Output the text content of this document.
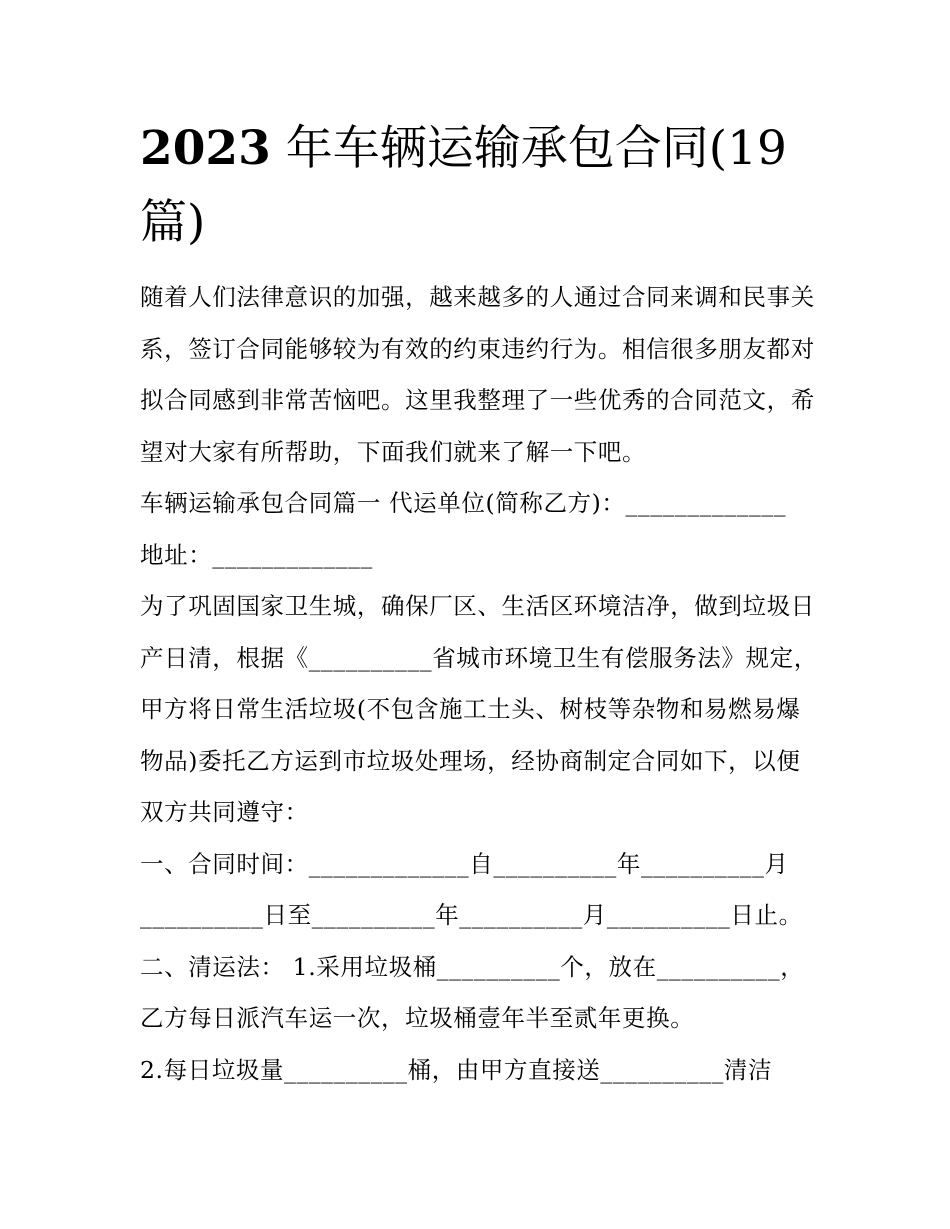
2023 年车辆运输承包合同(19篇)

随着人们法律意识的加强，越来越多的人通过合同来调和民事关系，签订合同能够较为有效的约束违约行为。相信很多朋友都对拟合同感到非常苦恼吧。这里我整理了一些优秀的合同范文，希望对大家有所帮助，下面我们就来了解一下吧。

车辆运输承包合同篇一 代运单位(简称乙方)：_____________

地址：_____________

为了巩固国家卫生城，确保厂区、生活区环境洁净，做到垃圾日产日清，根据《__________省城市环境卫生有偿服务法》规定，甲方将日常生活垃圾(不包含施工土头、树枝等杂物和易燃易爆物品)委托乙方运到市垃圾处理场，经协商制定合同如下，以便双方共同遵守：

一、合同时间：_____________自__________年__________月__________日至__________年__________月__________日止。

二、清运法： 1.采用垃圾桶__________个，放在__________，乙方每日派汽车运一次，垃圾桶壹年半至贰年更换。

2.每日垃圾量__________桶，由甲方直接送__________清洁
